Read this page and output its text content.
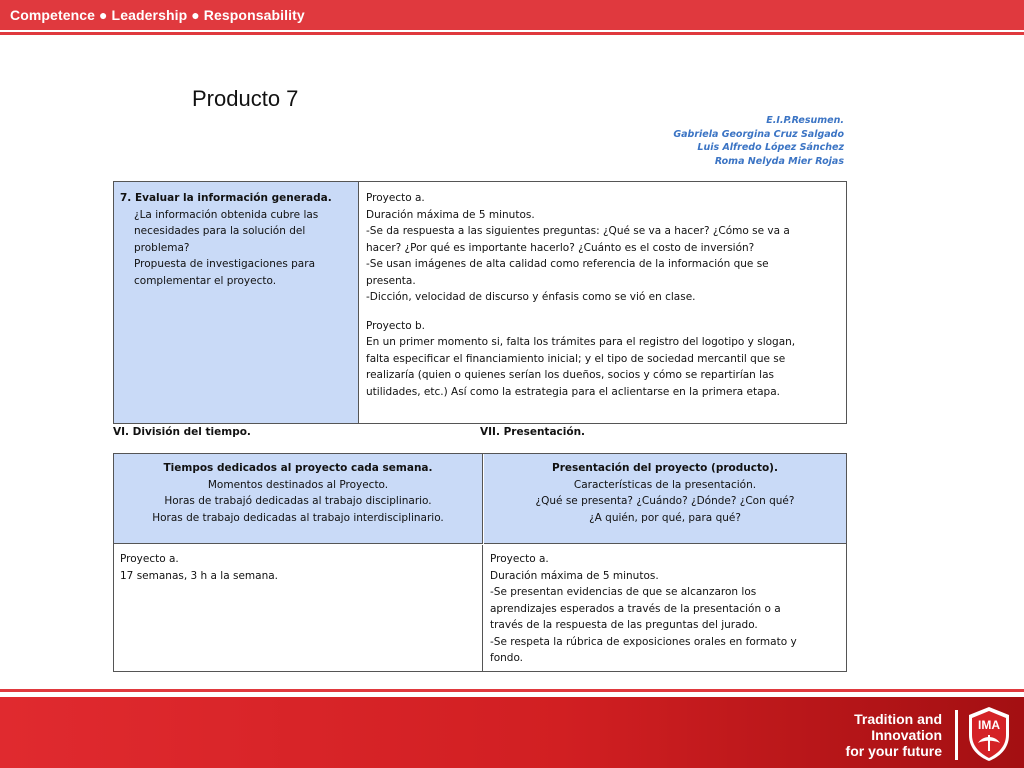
Competence ● Leadership ● Responsability
Producto 7
E.I.P.Resumen.
Gabriela Georgina Cruz Salgado
Luis Alfredo López Sánchez
Roma Nelyda Mier Rojas
7. Evaluar la información generada.
¿La información obtenida cubre las
necesidades para la solución del
problema?
Propuesta de investigaciones para
complementar el proyecto.
Proyecto a.
Duración máxima de 5 minutos.
-Se da respuesta a las siguientes preguntas: ¿Qué se va a hacer? ¿Cómo se va a
hacer? ¿Por qué es importante hacerlo? ¿Cuánto es el costo de inversión?
-Se usan imágenes de alta calidad como referencia de la información que se
presenta.
-Dicción, velocidad de discurso y énfasis como se vió en clase.
Proyecto b.
En un primer momento si, falta los trámites para el registro del logotipo y slogan,
falta especificar el financiamiento inicial; y el tipo de sociedad mercantil que se
realizaría (quien o quienes serían los dueños, socios y cómo se repartirían las
utilidades, etc.) Así como la estrategia para el aclientarse en la primera etapa.
VI. División del tiempo.	VII. Presentación.
Tiempos dedicados al proyecto cada semana.
Momentos destinados al Proyecto.
Horas de trabajó dedicadas al trabajo disciplinario.
Horas de trabajo dedicadas al trabajo interdisciplinario.
Presentación del proyecto (producto).
Características de la presentación.
¿Qué se presenta? ¿Cuándo? ¿Dónde? ¿Con qué?
¿A quién, por qué, para qué?
Proyecto a.
17 semanas, 3 h a la semana.
Proyecto a.
Duración máxima de 5 minutos.
-Se presentan evidencias de que se alcanzaron los
aprendizajes esperados a través de la presentación o a
través de la respuesta de las preguntas del jurado.
-Se respeta la rúbrica de exposiciones orales en formato y
fondo.
Tradition and
Innovation
for your future
IMA
